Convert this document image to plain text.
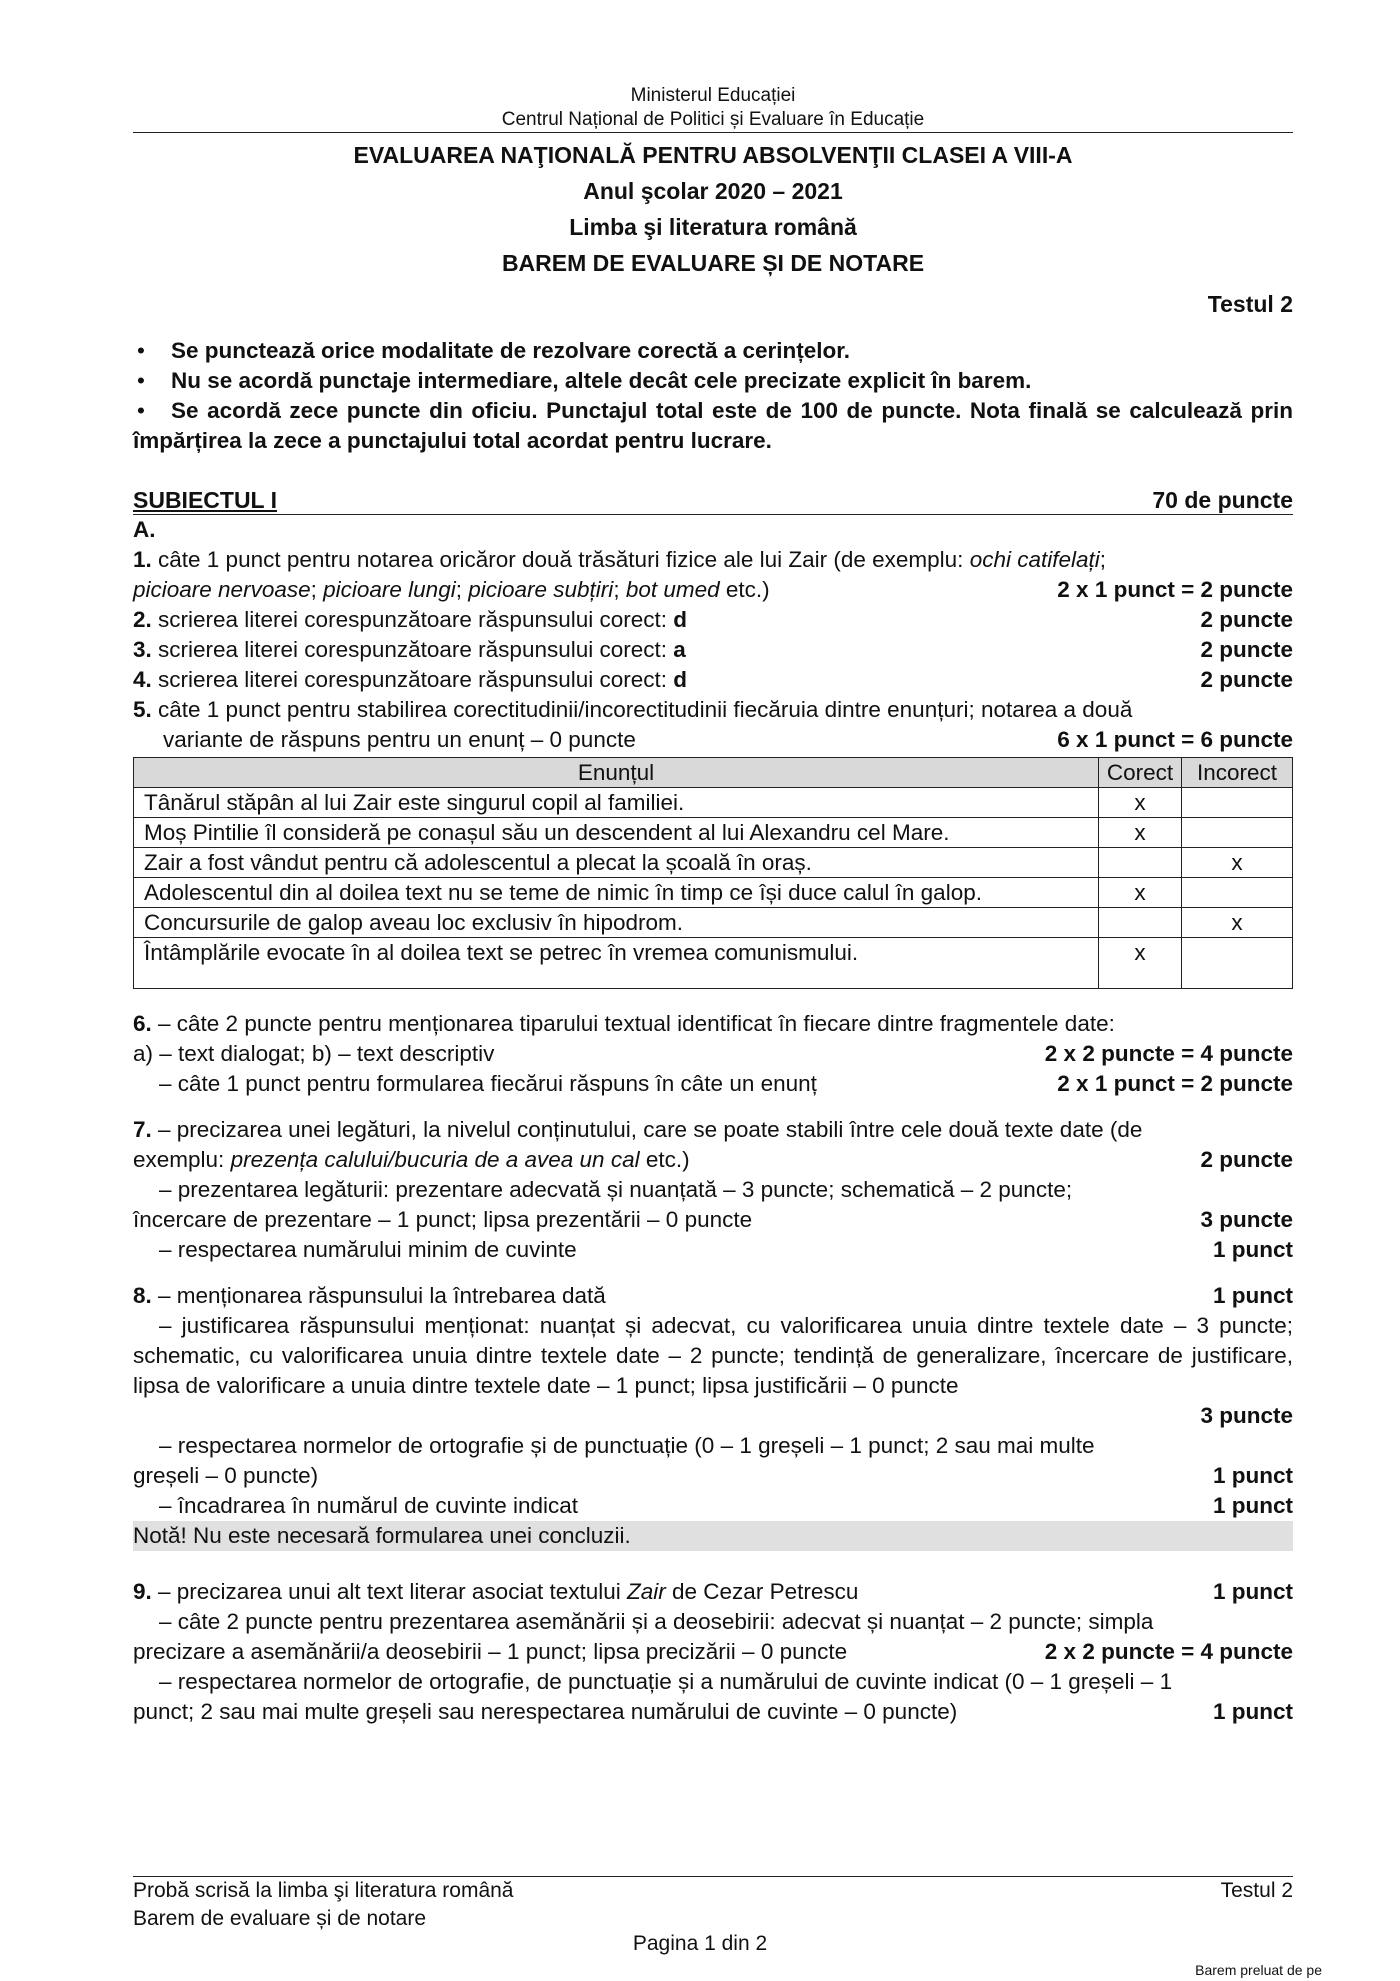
Ministerul Educației
Centrul Național de Politici și Evaluare în Educație
EVALUAREA NAŢIONALĂ PENTRU ABSOLVENŢII CLASEI A VIII-A
Anul şcolar 2020 – 2021
Limba şi literatura română
BAREM DE EVALUARE ȘI DE NOTARE
Testul 2
• Se punctează orice modalitate de rezolvare corectă a cerințelor.
• Nu se acordă punctaje intermediare, altele decât cele precizate explicit în barem.
• Se acordă zece puncte din oficiu. Punctajul total este de 100 de puncte. Nota finală se calculează prin împărțirea la zece a punctajului total acordat pentru lucrare.
SUBIECTUL I	70 de puncte
A.
1. câte 1 punct pentru notarea oricăror două trăsături fizice ale lui Zair (de exemplu: ochi catifelați;
picioare nervoase; picioare lungi; picioare subțiri; bot umed etc.)	2 x 1 punct = 2 puncte
2. scrierea literei corespunzătoare răspunsului corect: d	2 puncte
3. scrierea literei corespunzătoare răspunsului corect: a	2 puncte
4. scrierea literei corespunzătoare răspunsului corect: d	2 puncte
5. câte 1 punct pentru stabilirea corectitudinii/incorectitudinii fiecăruia dintre enunțuri; notarea a două
variante de răspuns pentru un enunț – 0 puncte	6 x 1 punct = 6 puncte
Enunțul	Corect	Incorect
Tânărul stăpân al lui Zair este singurul copil al familiei.	x	
Moș Pintilie îl consideră pe conașul său un descendent al lui Alexandru cel Mare.	x	
Zair a fost vândut pentru că adolescentul a plecat la școală în oraș.		x
Adolescentul din al doilea text nu se teme de nimic în timp ce își duce calul în galop.	x	
Concursurile de galop aveau loc exclusiv în hipodrom.		x
Întâmplările evocate în al doilea text se petrec în vremea comunismului.	x	
6. – câte 2 puncte pentru menționarea tiparului textual identificat în fiecare dintre fragmentele date:
a) – text dialogat; b) – text descriptiv	2 x 2 puncte = 4 puncte
– câte 1 punct pentru formularea fiecărui răspuns în câte un enunț	2 x 1 punct = 2 puncte
7. – precizarea unei legături, la nivelul conținutului, care se poate stabili între cele două texte date (de
exemplu: prezența calului/bucuria de a avea un cal etc.)	2 puncte
– prezentarea legăturii: prezentare adecvată și nuanțată – 3 puncte; schematică – 2 puncte;
încercare de prezentare – 1 punct; lipsa prezentării – 0 puncte	3 puncte
– respectarea numărului minim de cuvinte	1 punct
8. – menționarea răspunsului la întrebarea dată	1 punct
– justificarea răspunsului menționat: nuanțat și adecvat, cu valorificarea unuia dintre textele date – 3 puncte; schematic, cu valorificarea unuia dintre textele date – 2 puncte; tendință de generalizare, încercare de justificare, lipsa de valorificare a unuia dintre textele date – 1 punct; lipsa justificării – 0 puncte
3 puncte
– respectarea normelor de ortografie și de punctuație (0 – 1 greșeli – 1 punct; 2 sau mai multe
greșeli – 0 puncte)	1 punct
– încadrarea în numărul de cuvinte indicat	1 punct
Notă! Nu este necesară formularea unei concluzii.
9. – precizarea unui alt text literar asociat textului Zair de Cezar Petrescu	1 punct
– câte 2 puncte pentru prezentarea asemănării și a deosebirii: adecvat și nuanțat – 2 puncte; simpla
precizare a asemănării/a deosebirii – 1 punct; lipsa precizării – 0 puncte	2 x 2 puncte = 4 puncte
– respectarea normelor de ortografie, de punctuație și a numărului de cuvinte indicat (0 – 1 greșeli – 1
punct; 2 sau mai multe greșeli sau nerespectarea numărului de cuvinte – 0 puncte)	1 punct
Probă scrisă la limba şi literatura română	Testul 2
Barem de evaluare și de notare
Pagina 1 din 2
Barem preluat de pe
